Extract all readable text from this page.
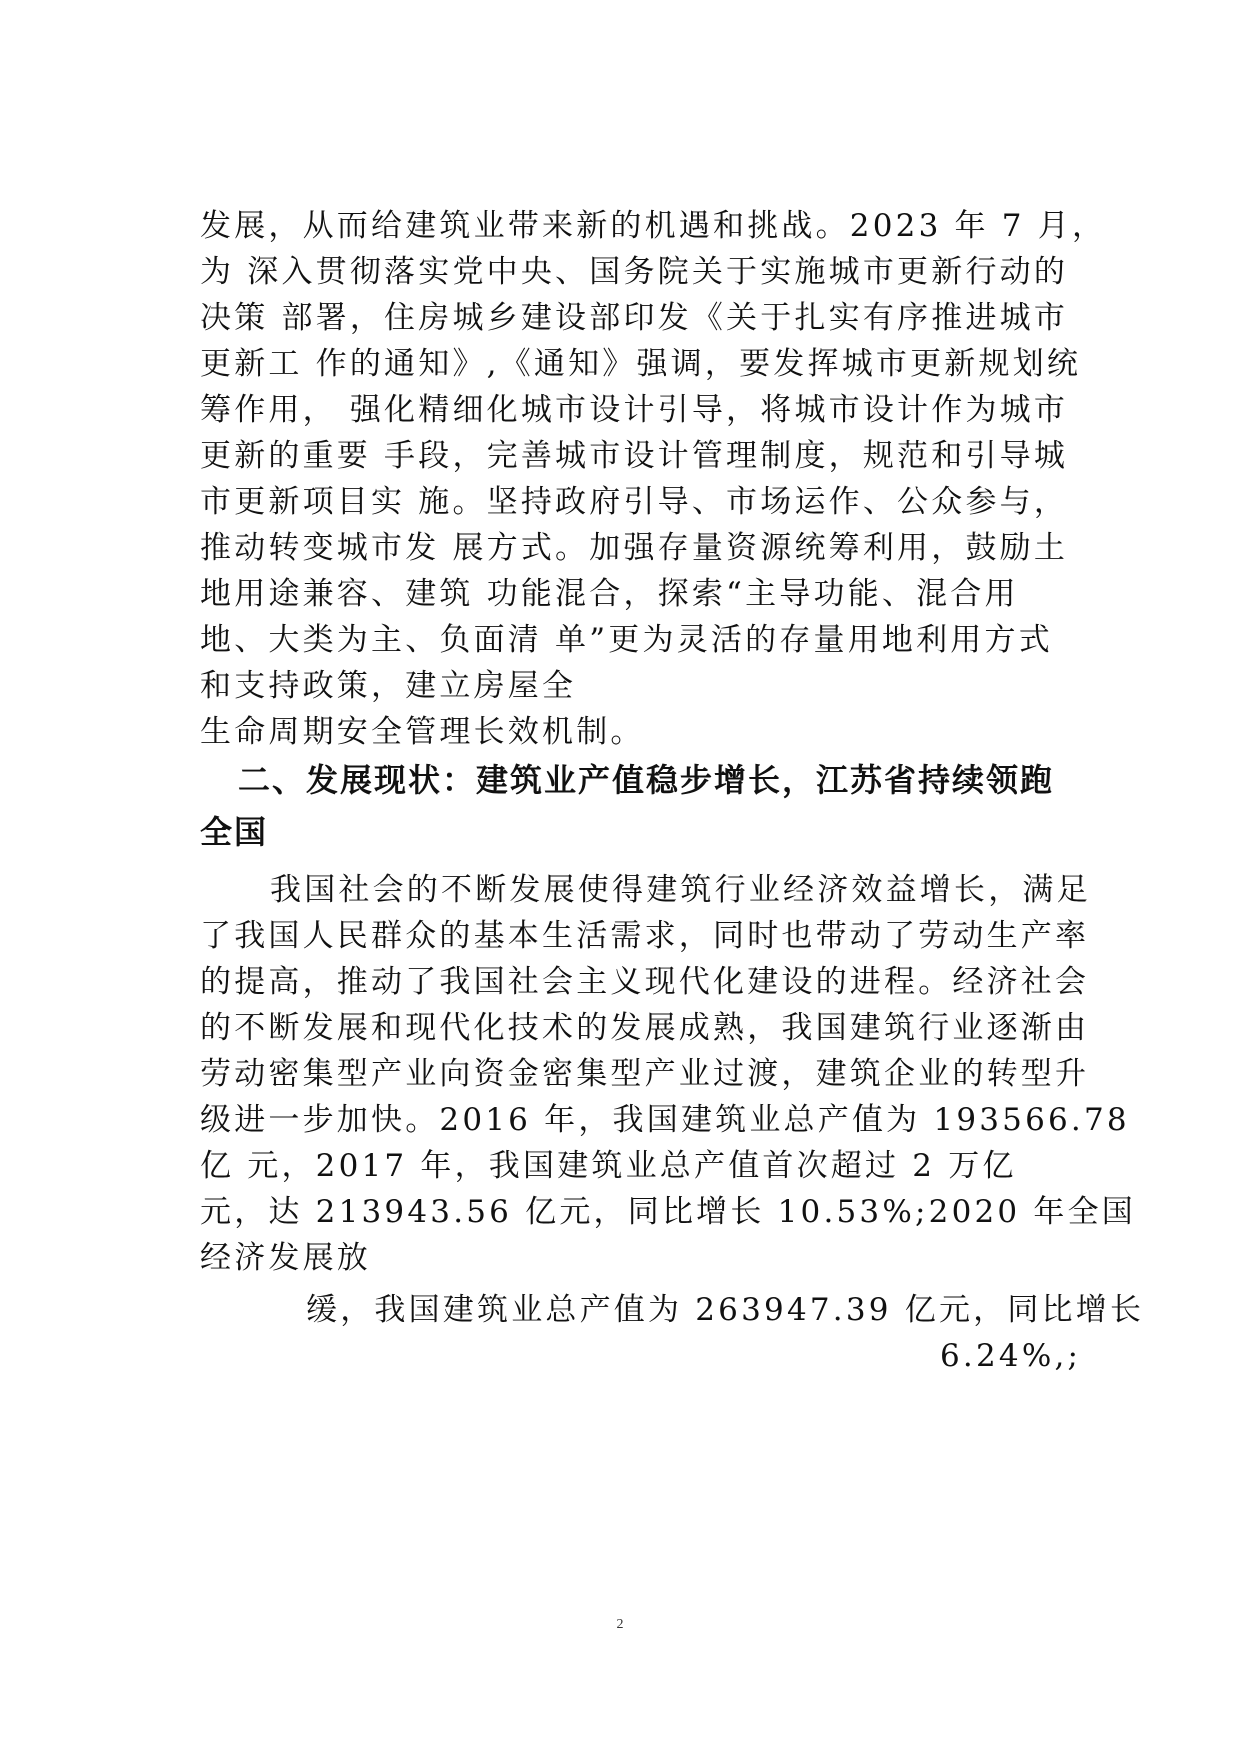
发展，从而给建筑业带来新的机遇和挑战。2023 年 7 月，
为 深入贯彻落实党中央、国务院关于实施城市更新行动的
决策 部署，住房城乡建设部印发《关于扎实有序推进城市
更新工 作的通知》,《通知》强调，要发挥城市更新规划统
筹作用， 强化精细化城市设计引导，将城市设计作为城市
更新的重要 手段，完善城市设计管理制度，规范和引导城
市更新项目实 施。坚持政府引导、市场运作、公众参与，
推动转变城市发 展方式。加强存量资源统筹利用，鼓励土
地用途兼容、建筑 功能混合，探索“主导功能、混合用
地、大类为主、负面清 单”更为灵活的存量用地利用方式
和支持政策，建立房屋全
生命周期安全管理长效机制。
二、发展现状：建筑业产值稳步增长，江苏省持续领跑
全国
我国社会的不断发展使得建筑行业经济效益增长，满足
了我国人民群众的基本生活需求，同时也带动了劳动生产率
的提高，推动了我国社会主义现代化建设的进程。经济社会
的不断发展和现代化技术的发展成熟，我国建筑行业逐渐由
劳动密集型产业向资金密集型产业过渡，建筑企业的转型升
级进一步加快。2016 年，我国建筑业总产值为 193566.78
亿 元，2017 年，我国建筑业总产值首次超过 2 万亿
元，达 213943.56 亿元，同比增长 10.53%;2020 年全国
经济发展放
缓，我国建筑业总产值为 263947.39 亿元，同比增长
6.24%,;
2
